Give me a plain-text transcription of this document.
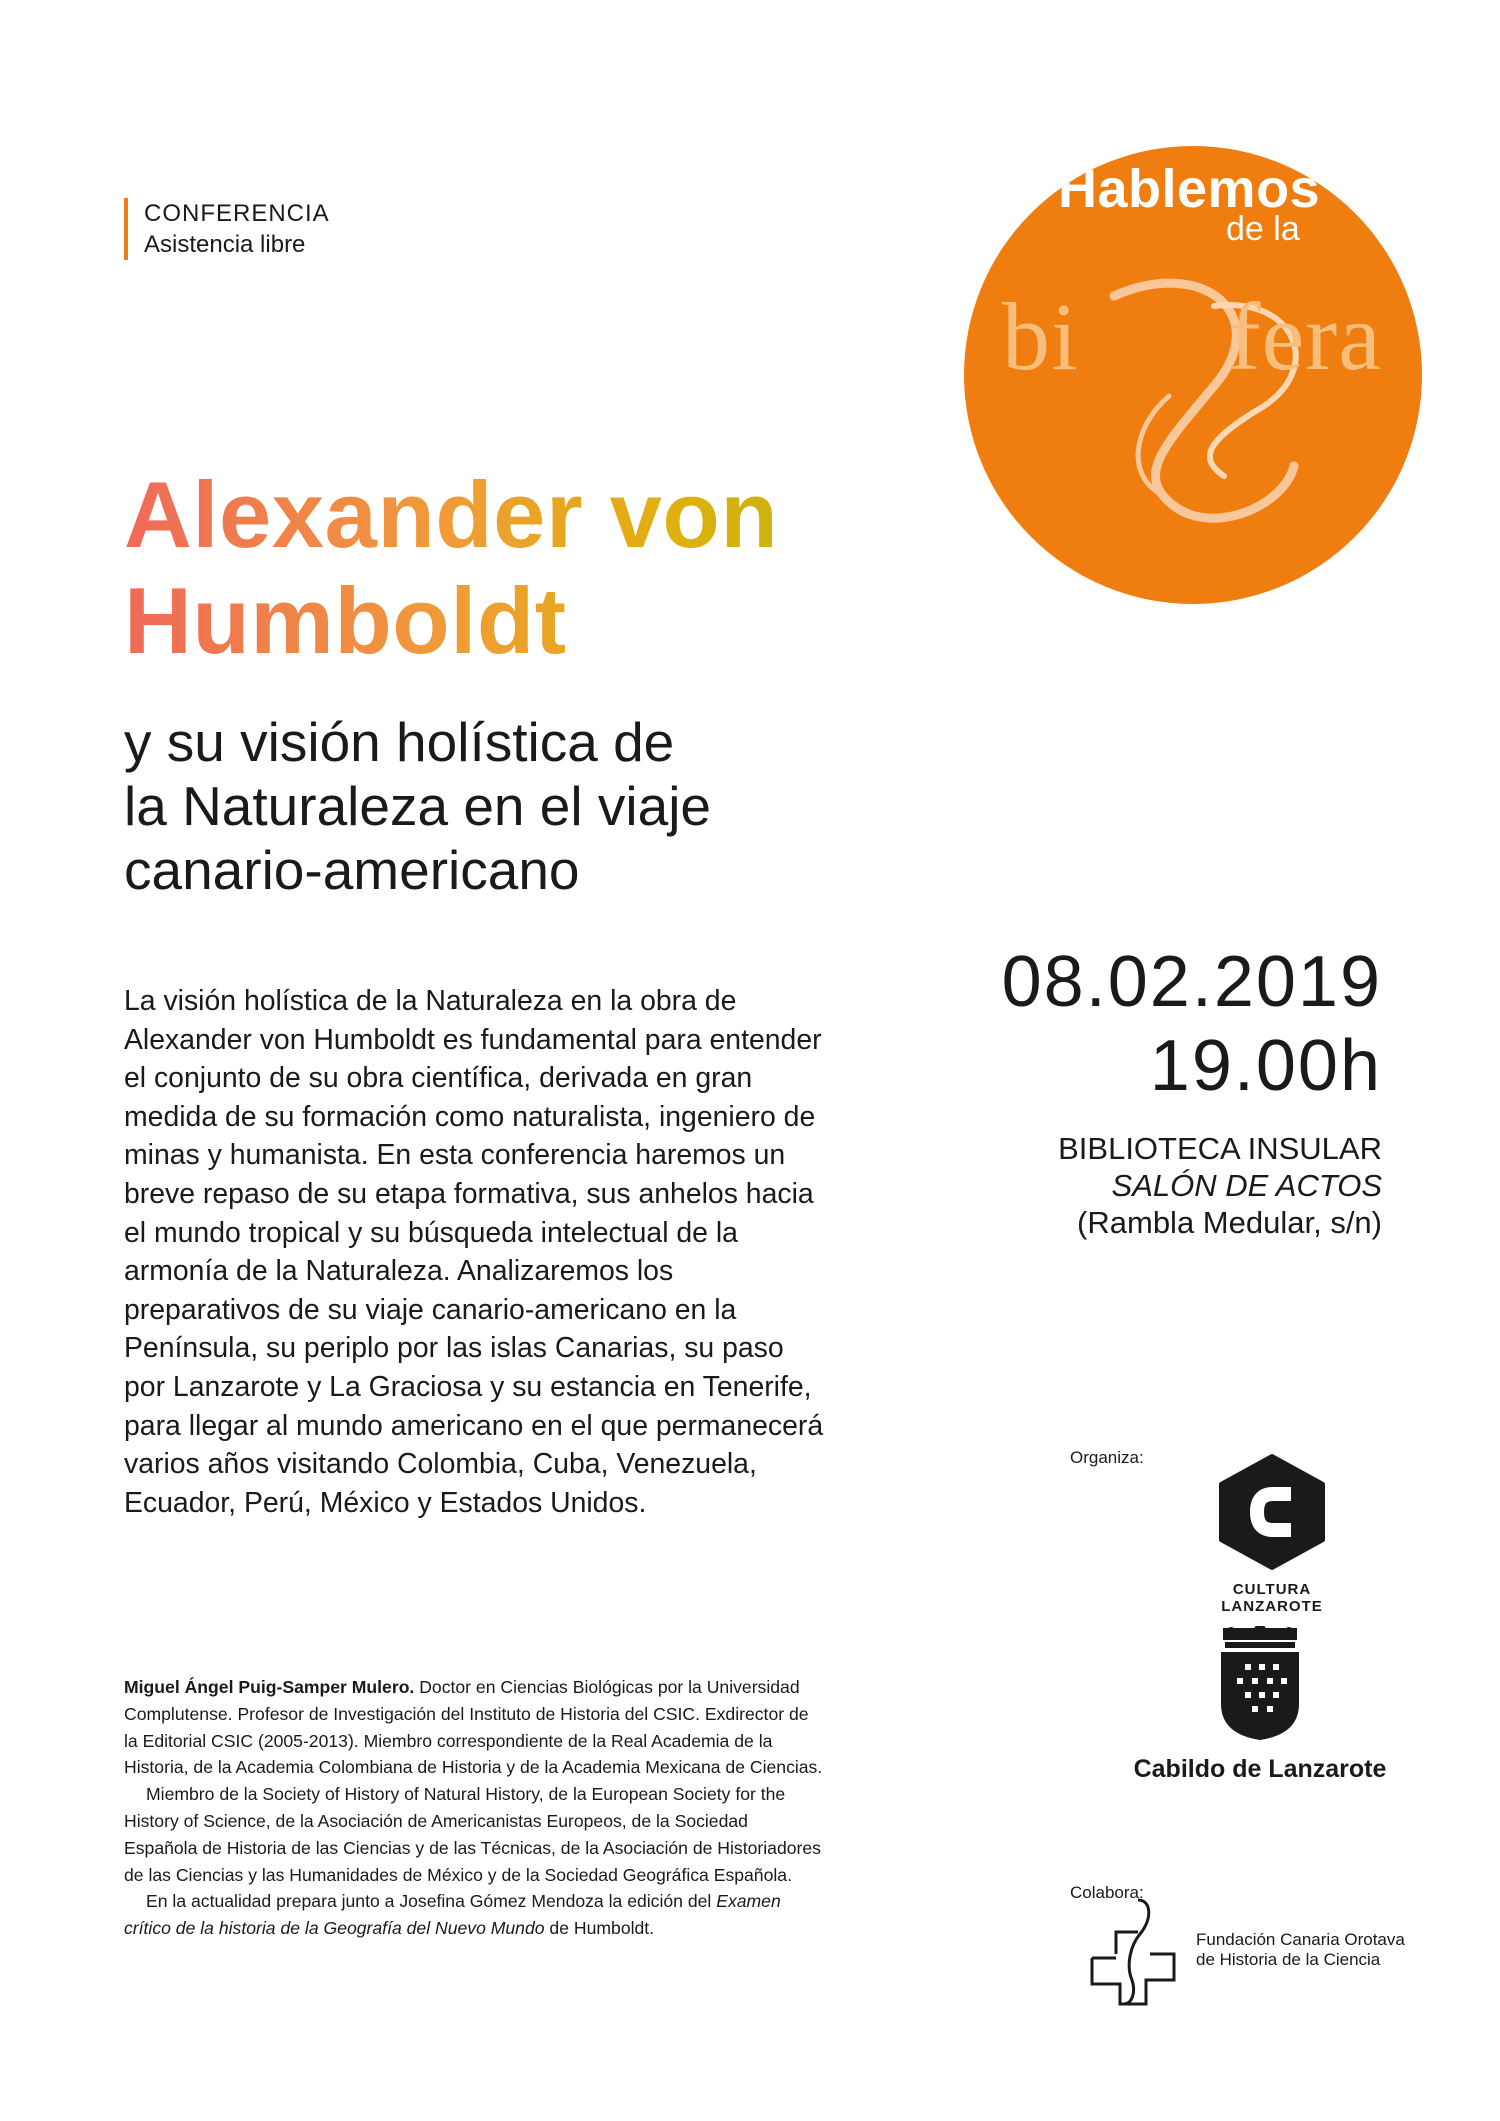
CONFERENCIA
Asistencia libre
Hablemos
de la
bi fera
Alexander von
Humboldt
y su visión holística de
la Naturaleza en el viaje
canario-americano
La visión holística de la Naturaleza en la obra de Alexander von Humboldt es fundamental para entender el conjunto de su obra científica, derivada en gran medida de su formación como naturalista, ingeniero de minas y humanista. En esta conferencia haremos un breve repaso de su etapa formativa, sus anhelos hacia el mundo tropical y su búsqueda intelectual de la armonía de la Naturaleza. Analizaremos los preparativos de su viaje canario-americano en la Península, su periplo por las islas Canarias, su paso por Lanzarote y La Graciosa y su estancia en Tenerife, para llegar al mundo americano en el que permanecerá varios años visitando Colombia, Cuba, Venezuela, Ecuador, Perú, México y Estados Unidos.

Miguel Ángel Puig-Samper Mulero. Doctor en Ciencias Biológicas por la Universidad Complutense. Profesor de Investigación del Instituto de Historia del CSIC. Exdirector de la Editorial CSIC (2005-2013). Miembro correspondiente de la Real Academia de la Historia, de la Academia Colombiana de Historia y de la Academia Mexicana de Ciencias.

Miembro de la Society of History of Natural History, de la European Society for the History of Science, de la Asociación de Americanistas Europeos, de la Sociedad Española de Historia de las Ciencias y de las Técnicas, de la Asociación de Historiadores de las Ciencias y las Humanidades de México y de la Sociedad Geográfica Española.

En la actualidad prepara junto a Josefina Gómez Mendoza la edición del Examen crítico de la historia de la Geografía del Nuevo Mundo de Humboldt.

08.02.2019
19.00h
BIBLIOTECA INSULAR
SALÓN DE ACTOS
(Rambla Medular, s/n)
Organiza:
CULTURA LANZAROTE
Cabildo de Lanzarote
Colabora:
Fundación Canaria Orotava
de Historia de la Ciencia
